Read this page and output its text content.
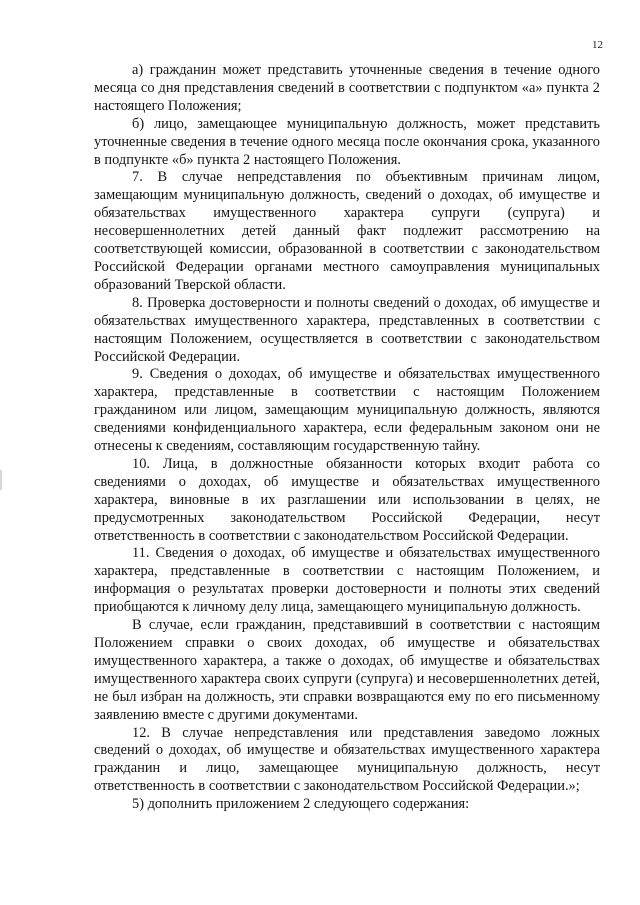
12

а) гражданин может представить уточненные сведения в течение одного месяца со дня представления сведений в соответствии с подпунктом «а» пункта 2 настоящего Положения;

б) лицо, замещающее муниципальную должность, может представить уточненные сведения в течение одного месяца после окончания срока, указанного в подпункте «б» пункта 2 настоящего Положения.

7. В случае непредставления по объективным причинам лицом, замещающим муниципальную должность, сведений о доходах, об имуществе и обязательствах имущественного характера супруги (супруга) и несовершеннолетних детей данный факт подлежит рассмотрению на соответствующей комиссии, образованной в соответствии с законодательством Российской Федерации органами местного самоуправления муниципальных образований Тверской области.

8. Проверка достоверности и полноты сведений о доходах, об имуществе и обязательствах имущественного характера, представленных в соответствии с настоящим Положением, осуществляется в соответствии с законодательством Российской Федерации.

9. Сведения о доходах, об имуществе и обязательствах имущественного характера, представленные в соответствии с настоящим Положением гражданином или лицом, замещающим муниципальную должность, являются сведениями конфиденциального характера, если федеральным законом они не отнесены к сведениям, составляющим государственную тайну.

10. Лица, в должностные обязанности которых входит работа со сведениями о доходах, об имуществе и обязательствах имущественного характера, виновные в их разглашении или использовании в целях, не предусмотренных законодательством Российской Федерации, несут ответственность в соответствии с законодательством Российской Федерации.

11. Сведения о доходах, об имуществе и обязательствах имущественного характера, представленные в соответствии с настоящим Положением, и информация о результатах проверки достоверности и полноты этих сведений приобщаются к личному делу лица, замещающего муниципальную должность.

В случае, если гражданин, представивший в соответствии с настоящим Положением справки о своих доходах, об имуществе и обязательствах имущественного характера, а также о доходах, об имуществе и обязательствах имущественного характера своих супруги (супруга) и несовершеннолетних детей, не был избран на должность, эти справки возвращаются ему по его письменному заявлению вместе с другими документами.

12. В случае непредставления или представления заведомо ложных сведений о доходах, об имуществе и обязательствах имущественного характера гражданин и лицо, замещающее муниципальную должность, несут ответственность в соответствии с законодательством Российской Федерации.»;

5) дополнить приложением 2 следующего содержания:
